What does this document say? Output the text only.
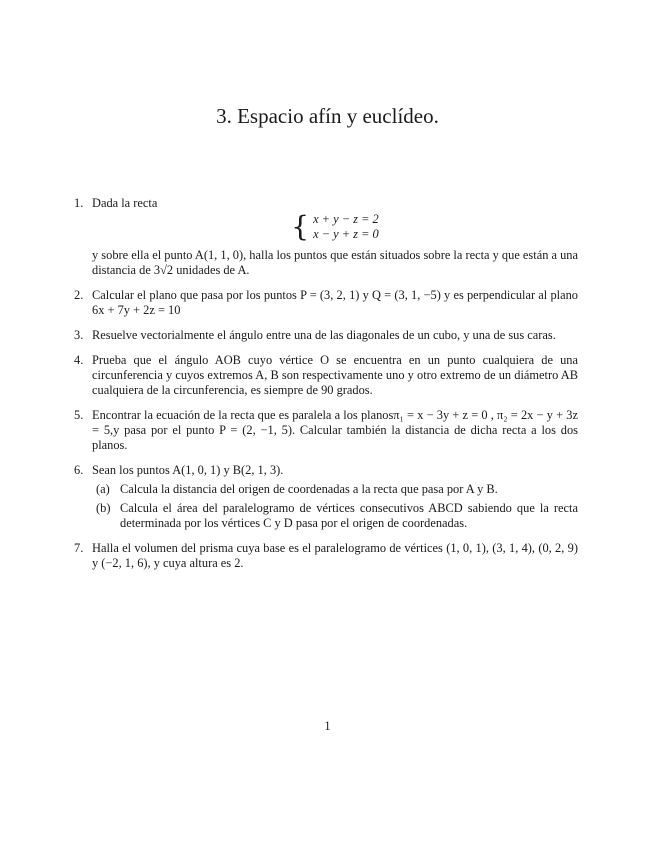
3. Espacio afín y euclídeo.
1. Dada la recta
{ x + y − z = 2
x − y + z = 0
y sobre ella el punto A(1, 1, 0), halla los puntos que están situados sobre la recta y que están a una distancia de 3√2 unidades de A.
2. Calcular el plano que pasa por los puntos P = (3, 2, 1) y Q = (3, 1, −5) y es perpendicular al plano 6x + 7y + 2z = 10
3. Resuelve vectorialmente el ángulo entre una de las diagonales de un cubo, y una de sus caras.
4. Prueba que el ángulo AOB cuyo vértice O se encuentra en un punto cualquiera de una circunferencia y cuyos extremos A, B son respectivamente uno y otro extremo de un diámetro AB cualquiera de la circunferencia, es siempre de 90 grados.
5. Encontrar la ecuación de la recta que es paralela a los planosπ₁ = x − 3y + z = 0 , π₂ = 2x − y + 3z = 5,y pasa por el punto P = (2, −1, 5). Calcular también la distancia de dicha recta a los dos planos.
6. Sean los puntos A(1, 0, 1) y B(2, 1, 3).
(a) Calcula la distancia del origen de coordenadas a la recta que pasa por A y B.
(b) Calcula el área del paralelogramo de vértices consecutivos ABCD sabiendo que la recta determinada por los vértices C y D pasa por el origen de coordenadas.
7. Halla el volumen del prisma cuya base es el paralelogramo de vértices (1, 0, 1), (3, 1, 4), (0, 2, 9) y (−2, 1, 6), y cuya altura es 2.
1
